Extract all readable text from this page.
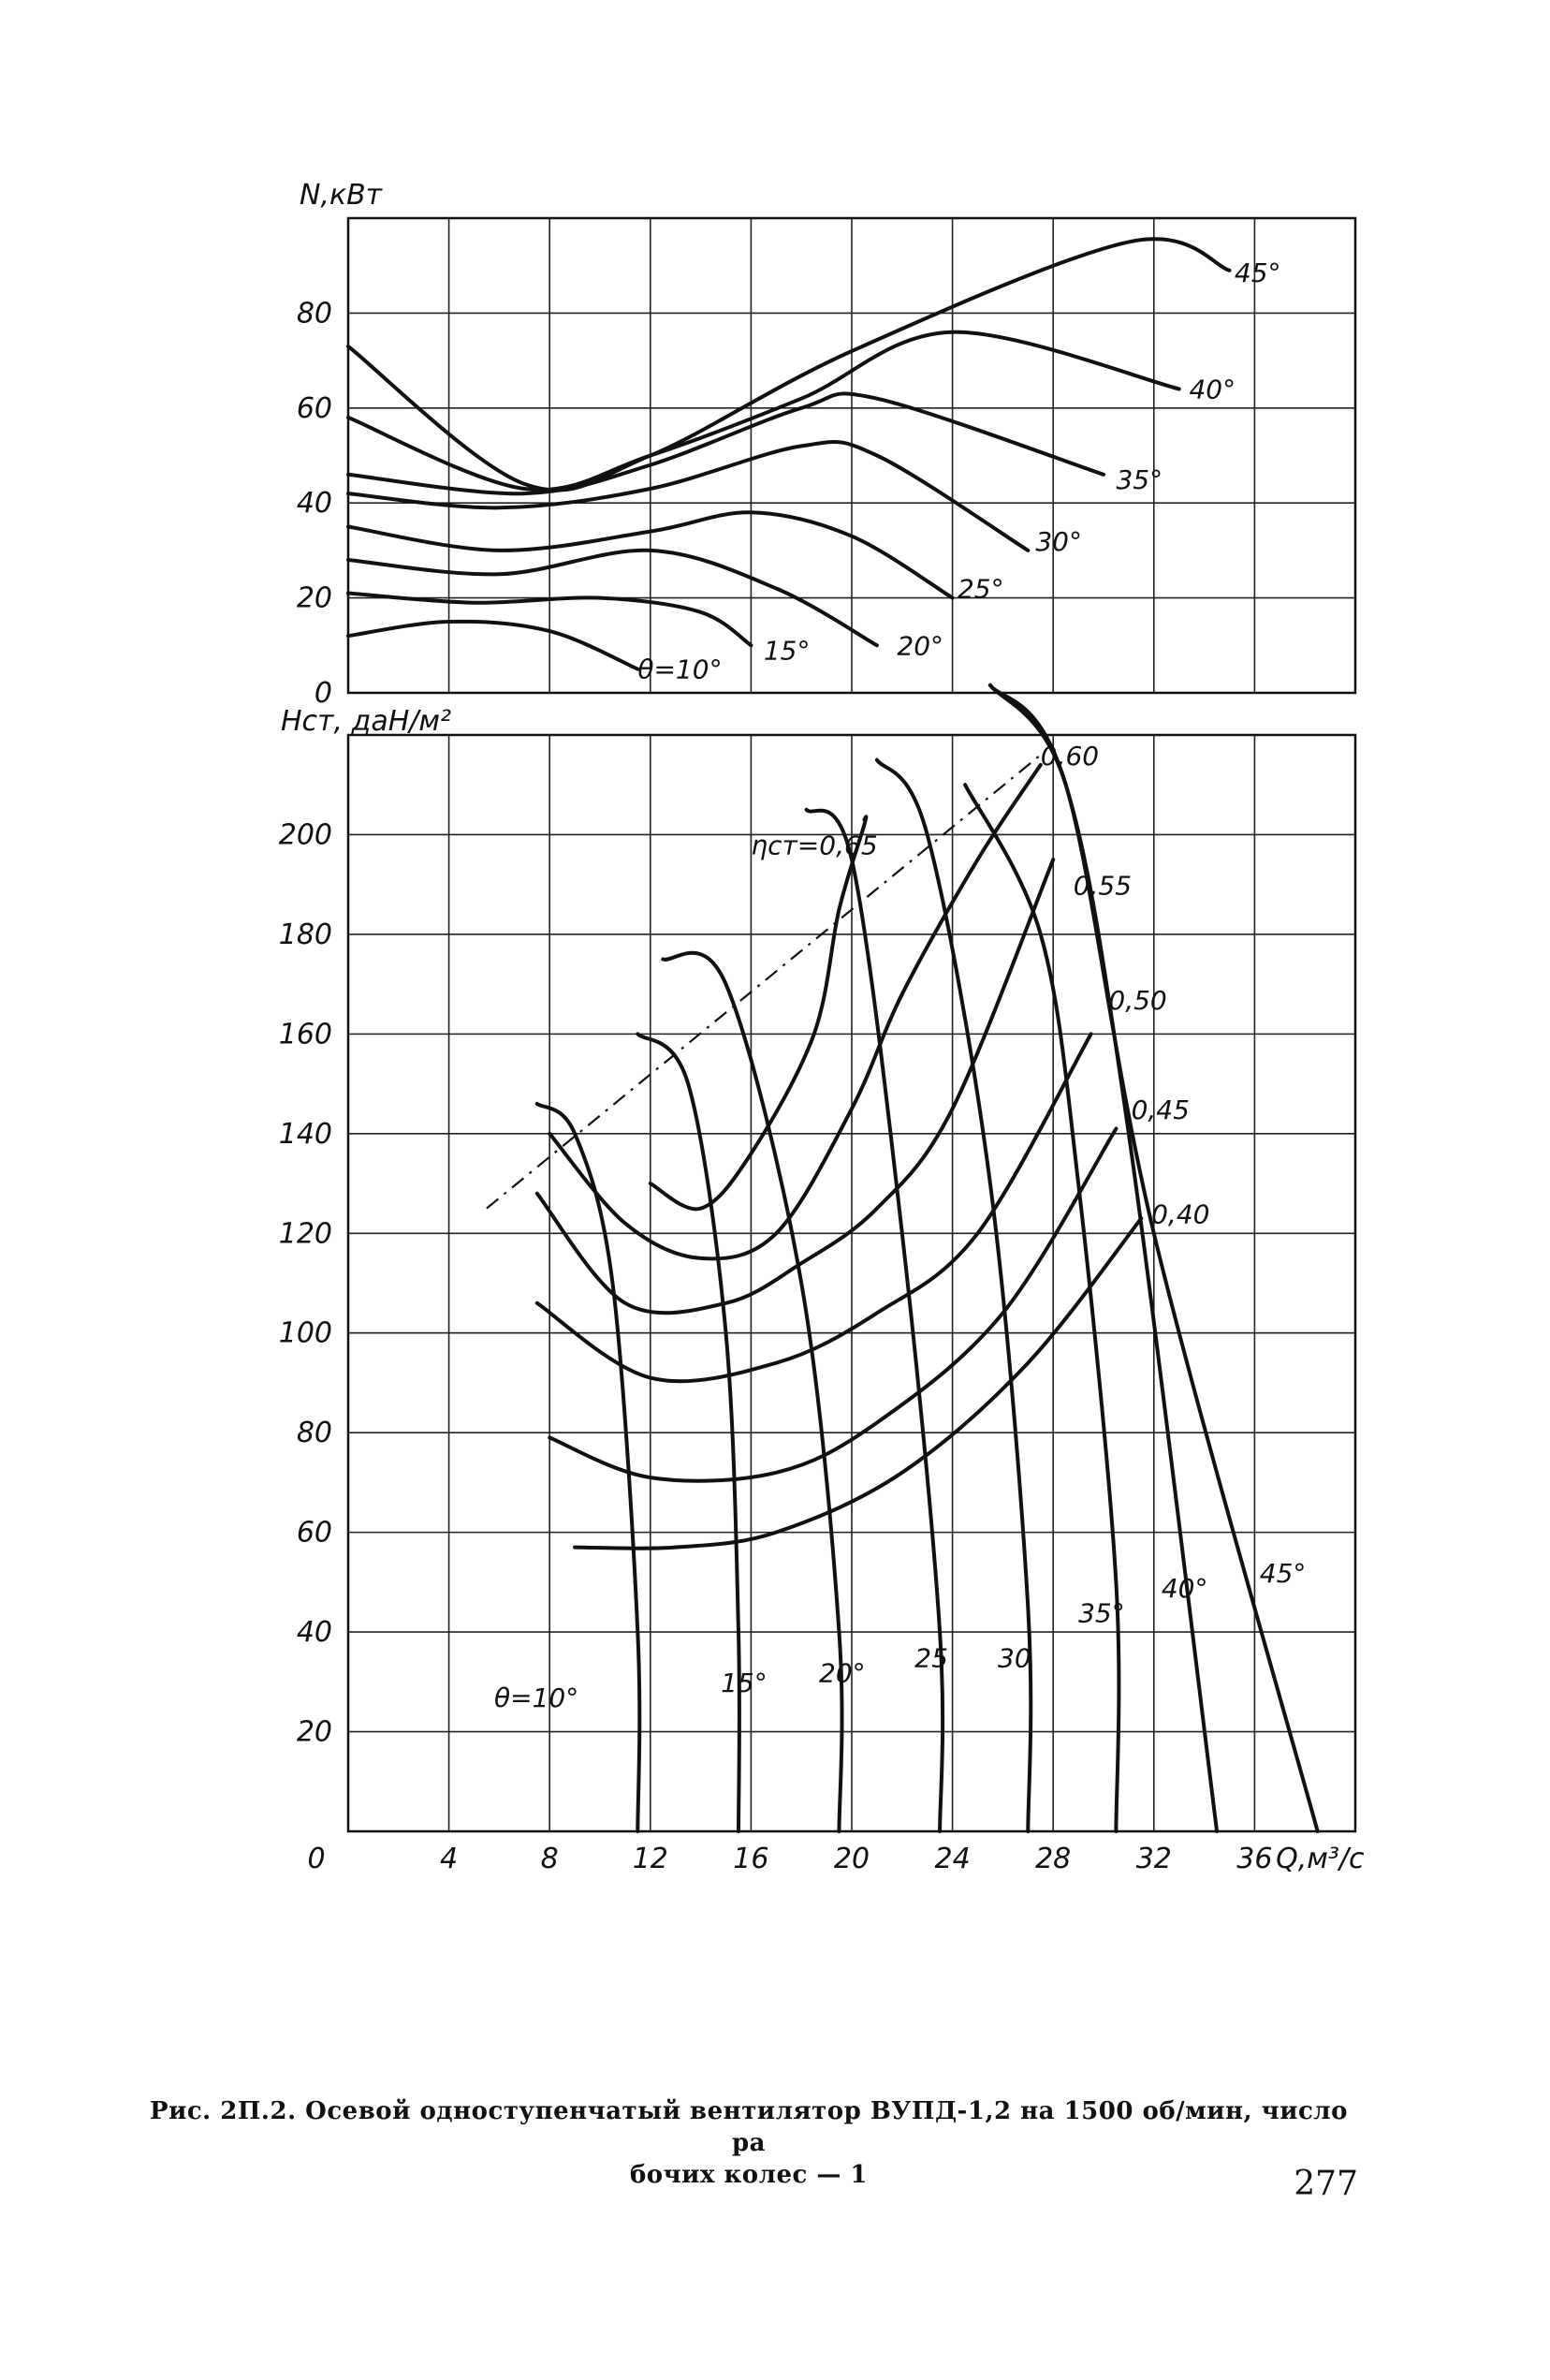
N,кВт
0
20
40
60
80
θ=10°
15°	20°
25°
30°
35°
40°
45°
Hст, даН/м²
20
40
60
80
100
120
140
160
180
200
0	4	8	12 16 20 24 28 32 36 Q,м³/с
θ=10°	15° 20° 25 30
35°
40° 45°
ηст=0,65
0,60
0,55
0,50
0,45
0,40
Рис. 2П.2. Осевой одноступенчатый вентилятор ВУПД-1,2 на 1500 об/мин, число ра
бочих колес — 1	277
